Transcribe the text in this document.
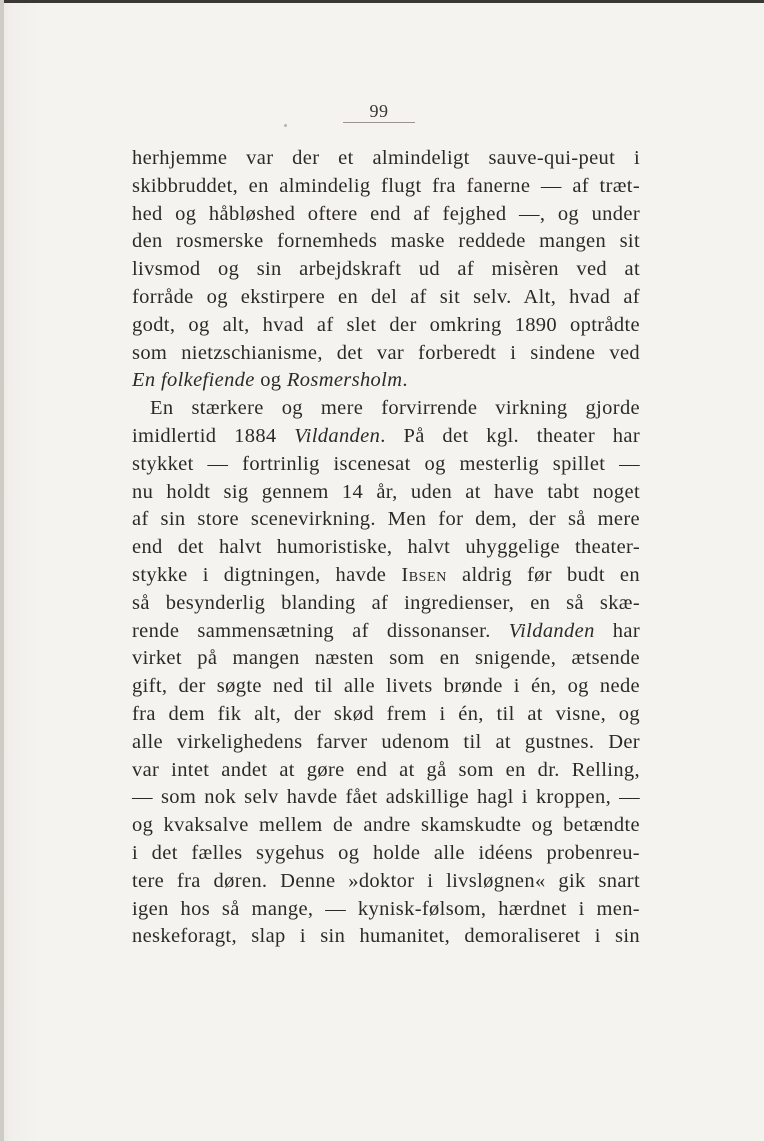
99
herhjemme var der et almindeligt sauve-qui-peut i
skibbruddet, en almindelig flugt fra fanerne — af træt-
hed og håbløshed oftere end af fejghed —, og under
den rosmerske fornemheds maske reddede mangen sit
livsmod og sin arbejdskraft ud af misèren ved at
forråde og ekstirpere en del af sit selv. Alt, hvad af
godt, og alt, hvad af slet der omkring 1890 optrådte
som nietzschianisme, det var forberedt i sindene ved
En folkefiende og Rosmersholm.
En stærkere og mere forvirrende virkning gjorde
imidlertid 1884 Vildanden. På det kgl. theater har
stykket — fortrinlig iscenesat og mesterlig spillet —
nu holdt sig gennem 14 år, uden at have tabt noget
af sin store scenevirkning. Men for dem, der så mere
end det halvt humoristiske, halvt uhyggelige theater-
stykke i digtningen, havde Ibsen aldrig før budt en
så besynderlig blanding af ingredienser, en så skæ-
rende sammensætning af dissonanser. Vildanden har
virket på mangen næsten som en snigende, ætsende
gift, der søgte ned til alle livets brønde i én, og nede
fra dem fik alt, der skød frem i én, til at visne, og
alle virkelighedens farver udenom til at gustnes. Der
var intet andet at gøre end at gå som en dr. Relling,
— som nok selv havde fået adskillige hagl i kroppen, —
og kvaksalve mellem de andre skamskudte og betændte
i det fælles sygehus og holde alle idéens probenreu-
tere fra døren. Denne »doktor i livsløgnen« gik snart
igen hos så mange, — kynisk-følsom, hærdnet i men-
neskeforagt, slap i sin humanitet, demoraliseret i sin
